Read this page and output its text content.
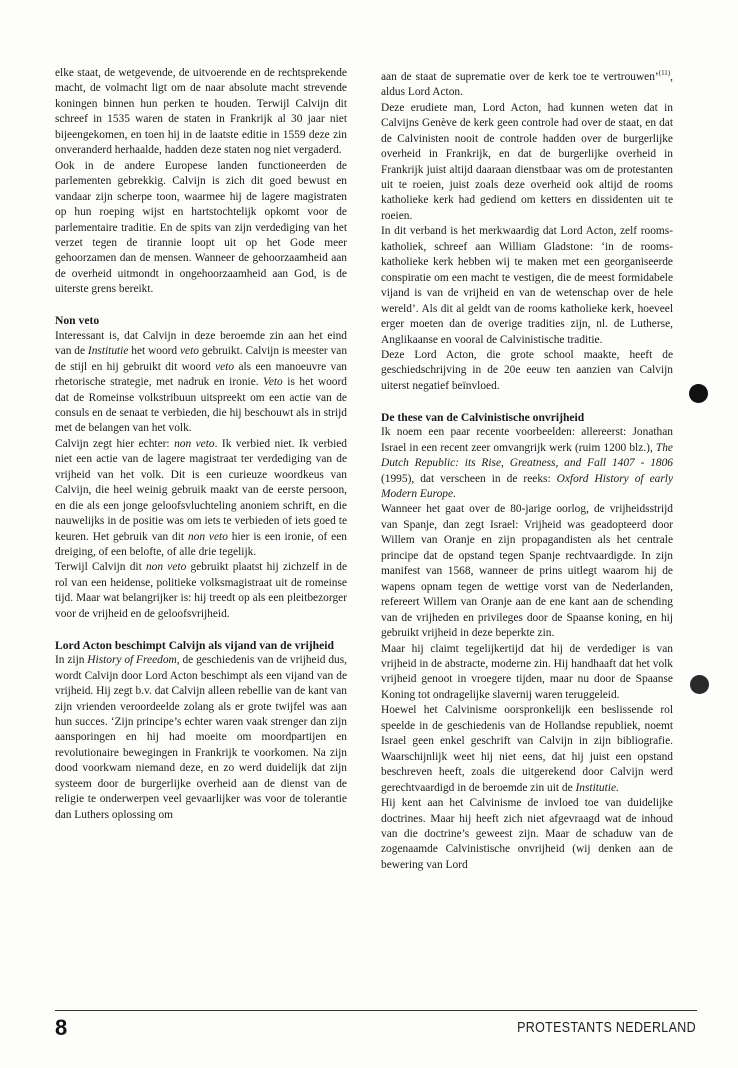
elke staat, de wetgevende, de uitvoerende en de rechtsprekende macht, de volmacht ligt om de naar absolute macht strevende koningen binnen hun perken te houden. Terwijl Calvijn dit schreef in 1535 waren de staten in Frankrijk al 30 jaar niet bijeengekomen, en toen hij in de laatste editie in 1559 deze zin onveranderd herhaalde, hadden deze staten nog niet vergaderd.

Ook in de andere Europese landen functioneerden de parlementen gebrekkig. Calvijn is zich dit goed bewust en vandaar zijn scherpe toon, waarmee hij de lagere magistraten op hun roeping wijst en hartstochtelijk opkomt voor de parlementaire traditie. En de spits van zijn verdediging van het verzet tegen de tirannie loopt uit op het Gode meer gehoorzamen dan de mensen. Wanneer de gehoorzaamheid aan de overheid uitmondt in ongehoorzaamheid aan God, is de uiterste grens bereikt.

Non veto

Interessant is, dat Calvijn in deze beroemde zin aan het eind van de Institutie het woord veto gebruikt. Calvijn is meester van de stijl en hij gebruikt dit woord veto als een manoeuvre van rhetorische strategie, met nadruk en ironie. Veto is het woord dat de Romeinse volkstribuun uitspreekt om een actie van de consuls en de senaat te verbieden, die hij beschouwt als in strijd met de belangen van het volk.

Calvijn zegt hier echter: non veto. Ik verbied niet. Ik verbied niet een actie van de lagere magistraat ter verdediging van de vrijheid van het volk. Dit is een curieuze woordkeus van Calvijn, die heel weinig gebruik maakt van de eerste persoon, en die als een jonge geloofsvluchteling anoniem schrift, en die nauwelijks in de positie was om iets te verbieden of iets goed te keuren. Het gebruik van dit non veto hier is een ironie, of een dreiging, of een belofte, of alle drie tegelijk.

Terwijl Calvijn dit non veto gebruikt plaatst hij zichzelf in de rol van een heidense, politieke volksmagistraat uit de romeinse tijd. Maar wat belangrijker is: hij treedt op als een pleitbezorger voor de vrijheid en de geloofsvrijheid.

Lord Acton beschimpt Calvijn als vijand van de vrijheid

In zijn History of Freedom, de geschiedenis van de vrijheid dus, wordt Calvijn door Lord Acton beschimpt als een vijand van de vrijheid. Hij zegt b.v. dat Calvijn alleen rebellie van de kant van zijn vrienden veroordeelde zolang als er grote twijfel was aan hun succes. ‘Zijn principe’s echter waren vaak strenger dan zijn aansporingen en hij had moeite om moordpartijen en revolutionaire bewegingen in Frankrijk te voorkomen. Na zijn dood voorkwam niemand deze, en zo werd duidelijk dat zijn systeem door de burgerlijke overheid aan de dienst van de religie te onderwerpen veel gevaarlijker was voor de tolerantie dan Luthers oplossing om

aan de staat de suprematie over de kerk toe te vertrouwen’$^{(11)}$, aldus Lord Acton.

Deze erudiete man, Lord Acton, had kunnen weten dat in Calvijns Genève de kerk geen controle had over de staat, en dat de Calvinisten nooit de controle hadden over de burgerlijke overheid in Frankrijk, en dat de burgerlijke overheid in Frankrijk juist altijd daaraan dienstbaar was om de protestanten uit te roeien, juist zoals deze overheid ook altijd de rooms katholieke kerk had gediend om ketters en dissidenten uit te roeien.

In dit verband is het merkwaardig dat Lord Acton, zelf rooms-katholiek, schreef aan William Gladstone: ‘in de rooms-katholieke kerk hebben wij te maken met een georganiseerde conspiratie om een macht te vestigen, die de meest formidabele vijand is van de vrijheid en van de wetenschap over de hele wereld’. Als dit al geldt van de rooms katholieke kerk, hoeveel erger moeten dan de overige tradities zijn, nl. de Lutherse, Anglikaanse en vooral de Calvinistische traditie.

Deze Lord Acton, die grote school maakte, heeft de geschiedschrijving in de 20e eeuw ten aanzien van Calvijn uiterst negatief beïnvloed.

De these van de Calvinistische onvrijheid

Ik noem een paar recente voorbeelden: allereerst: Jonathan Israel in een recent zeer omvangrijk werk (ruim 1200 blz.), The Dutch Republic: its Rise, Greatness, and Fall 1407 - 1806 (1995), dat verscheen in de reeks: Oxford History of early Modern Europe.

Wanneer het gaat over de 80-jarige oorlog, de vrijheidsstrijd van Spanje, dan zegt Israel: Vrijheid was geadopteerd door Willem van Oranje en zijn propagandisten als het centrale principe dat de opstand tegen Spanje rechtvaardigde. In zijn manifest van 1568, wanneer de prins uitlegt waarom hij de wapens opnam tegen de wettige vorst van de Nederlanden, refereert Willem van Oranje aan de ene kant aan de schending van de vrijheden en privileges door de Spaanse koning, en hij gebruikt vrijheid in deze beperkte zin.

Maar hij claimt tegelijkertijd dat hij de verdediger is van vrijheid in de abstracte, moderne zin. Hij handhaaft dat het volk vrijheid genoot in vroegere tijden, maar nu door de Spaanse Koning tot ondragelijke slavernij waren teruggeleid.

Hoewel het Calvinisme oorspronkelijk een beslissende rol speelde in de geschiedenis van de Hollandse republiek, noemt Israel geen enkel geschrift van Calvijn in zijn bibliografie. Waarschijnlijk weet hij niet eens, dat hij juist een opstand beschreven heeft, zoals die uitgerekend door Calvijn werd gerechtvaardigd in de beroemde zin uit de Institutie.

Hij kent aan het Calvinisme de invloed toe van duidelijke doctrines. Maar hij heeft zich niet afgevraagd wat de inhoud van die doctrine’s geweest zijn. Maar de schaduw van de zogenaamde Calvinistische onvrijheid (wij denken aan de bewering van Lord

8	PROTESTANTS NEDERLAND
